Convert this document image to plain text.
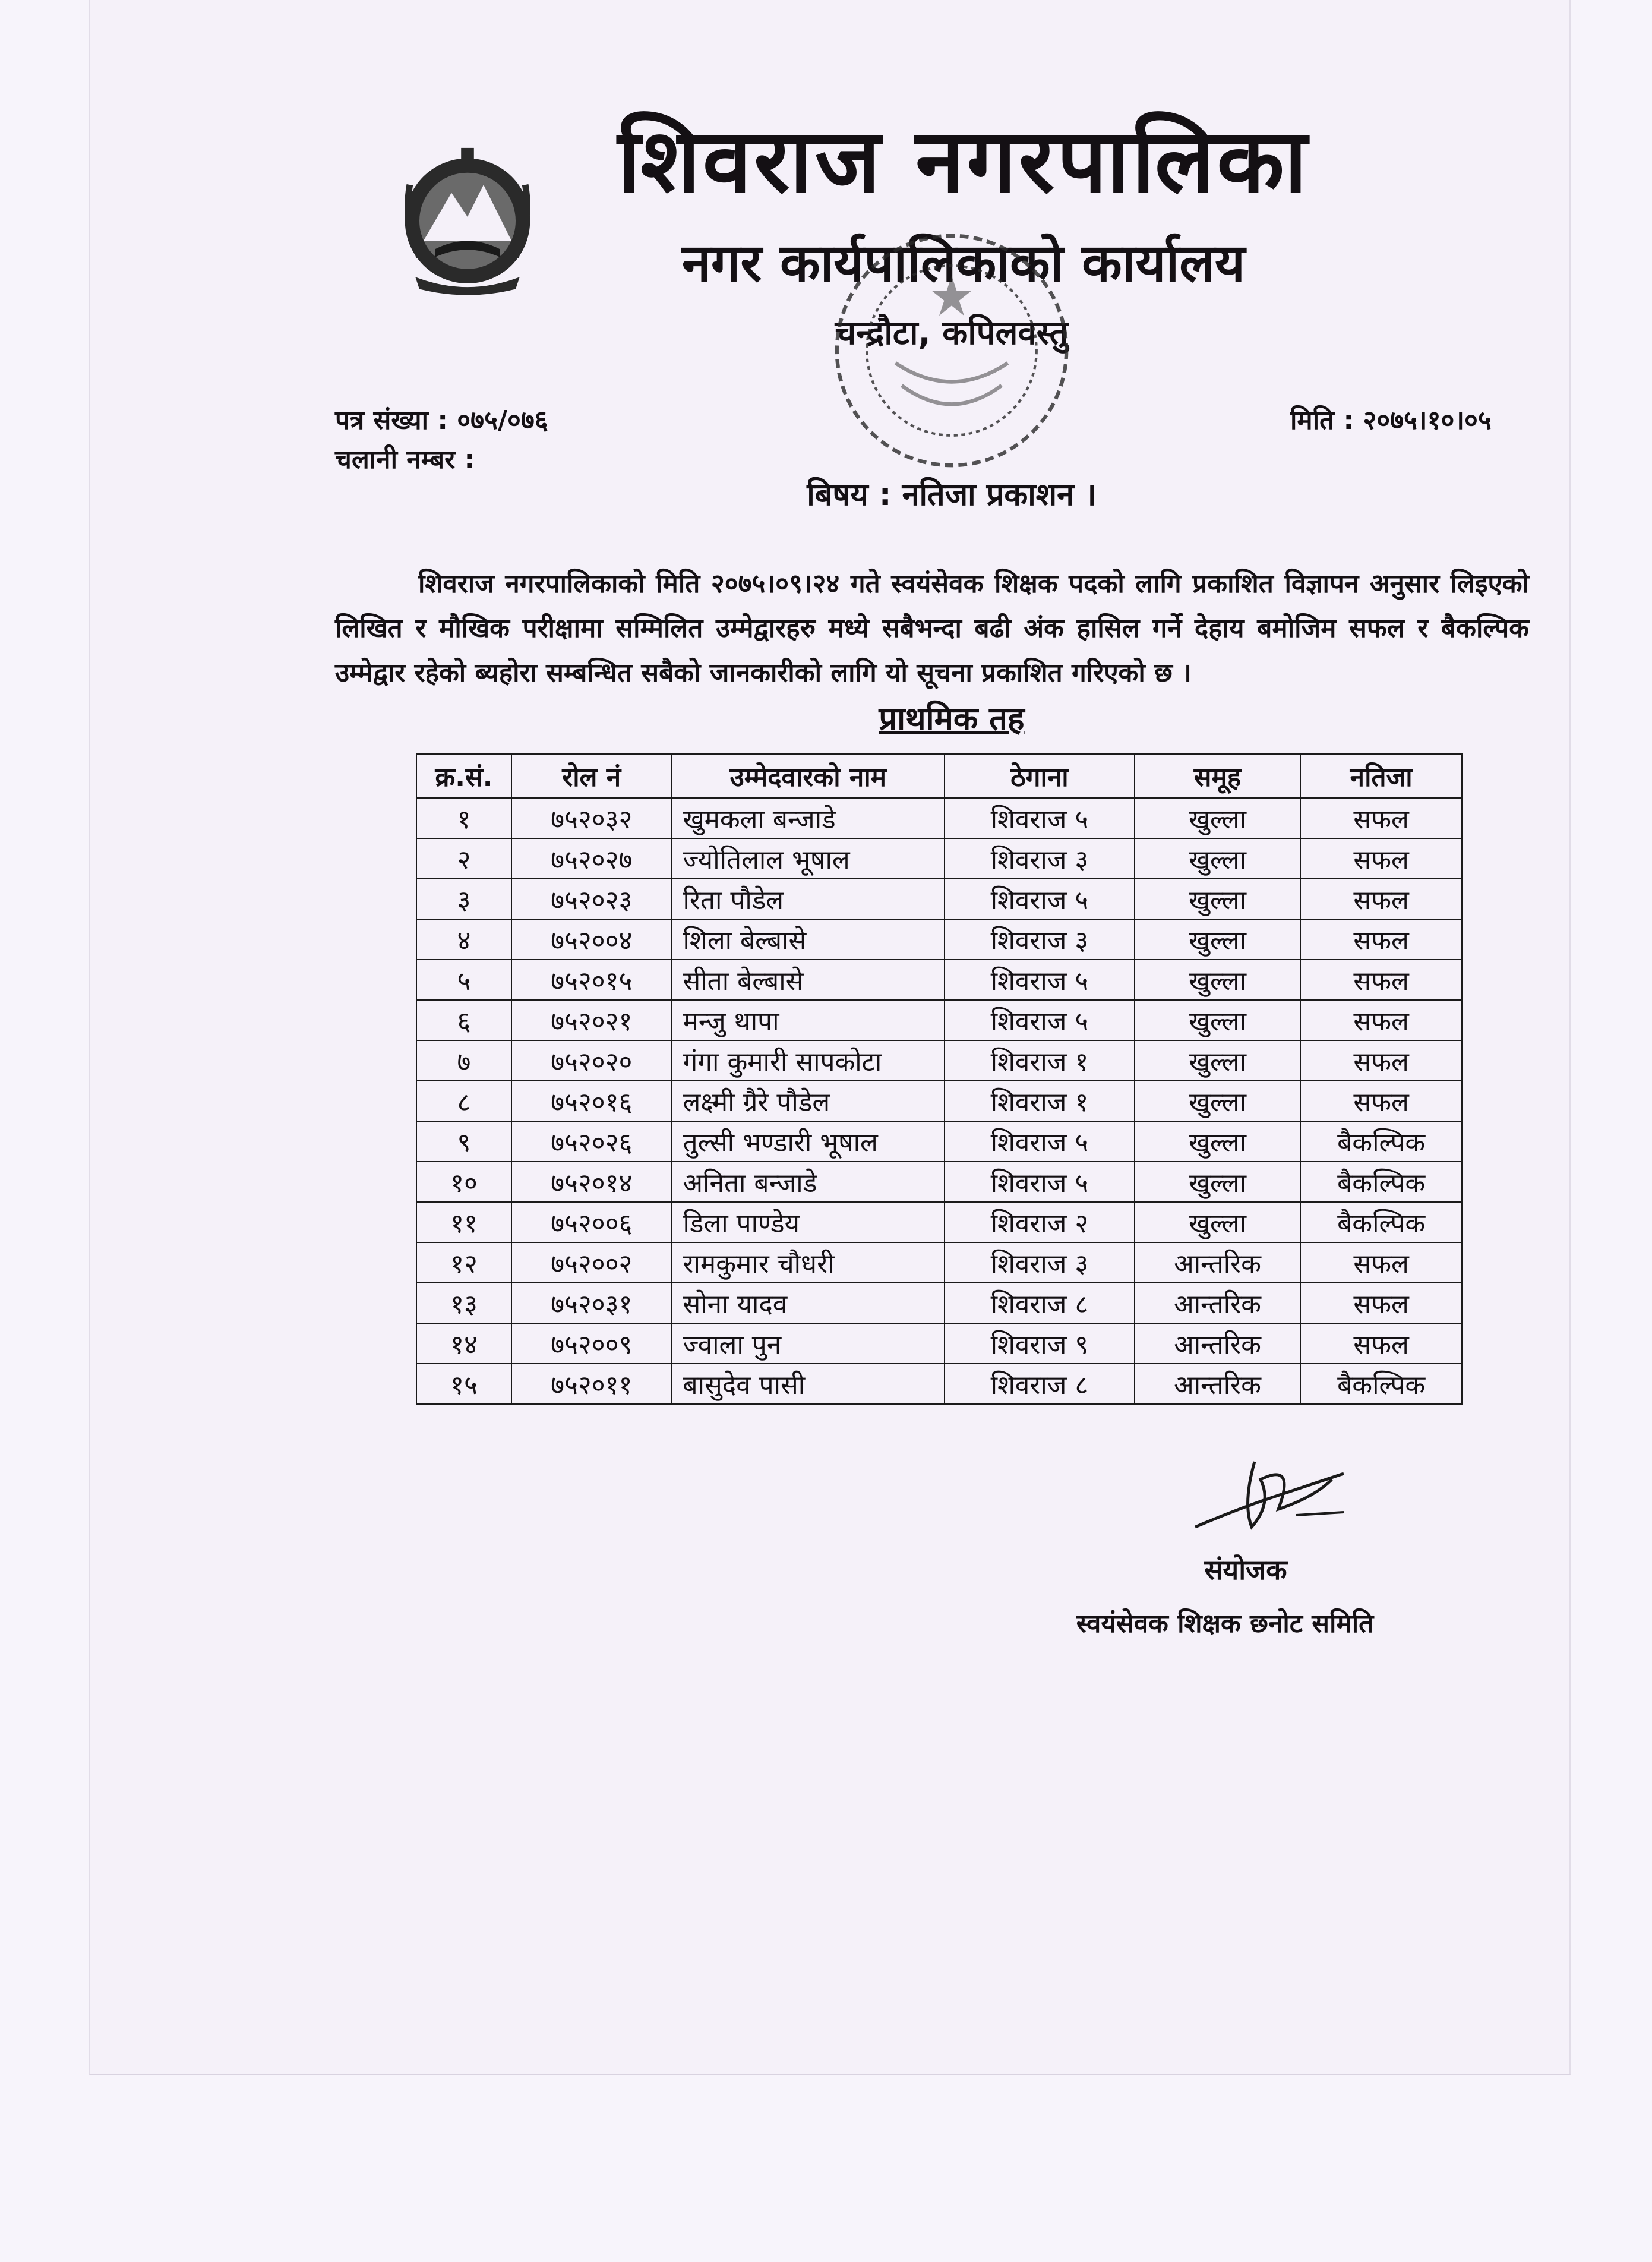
शिवराज नगरपालिका
नगर कार्यपालिकाको कार्यालय
चन्द्रौटा, कपिलवस्तु
पत्र संख्या : ०७५/०७६
चलानी नम्बर :
मिति : २०७५।१०।०५
बिषय : नतिजा प्रकाशन ।
शिवराज नगरपालिकाको मिति २०७५।०९।२४ गते स्वयंसेवक शिक्षक पदको लागि प्रकाशित विज्ञापन अनुसार लिइएको लिखित र मौखिक परीक्षामा सम्मिलित उम्मेद्वारहरु मध्ये सबैभन्दा बढी अंक हासिल गर्ने देहाय बमोजिम सफल र बैकल्पिक उम्मेद्वार रहेको ब्यहोरा सम्बन्धित सबैको जानकारीको लागि यो सूचना प्रकाशित गरिएको छ ।
प्राथमिक तह
क्र.सं.	रोल नं	उम्मेदवारको नाम	ठेगाना	समूह	नतिजा
१	७५२०३२	खुमकला बन्जाडे	शिवराज ५	खुल्ला	सफल
२	७५२०२७	ज्योतिलाल भूषाल	शिवराज ३	खुल्ला	सफल
३	७५२०२३	रिता पौडेल	शिवराज ५	खुल्ला	सफल
४	७५२००४	शिला बेल्बासे	शिवराज ३	खुल्ला	सफल
५	७५२०१५	सीता बेल्बासे	शिवराज ५	खुल्ला	सफल
६	७५२०२१	मन्जु थापा	शिवराज ५	खुल्ला	सफल
७	७५२०२०	गंगा कुमारी सापकोटा	शिवराज १	खुल्ला	सफल
८	७५२०१६	लक्ष्मी ग्रैरे पौडेल	शिवराज १	खुल्ला	सफल
९	७५२०२६	तुल्सी भण्डारी भूषाल	शिवराज ५	खुल्ला	बैकल्पिक
१०	७५२०१४	अनिता बन्जाडे	शिवराज ५	खुल्ला	बैकल्पिक
११	७५२००६	डिला पाण्डेय	शिवराज २	खुल्ला	बैकल्पिक
१२	७५२००२	रामकुमार चौधरी	शिवराज ३	आन्तरिक	सफल
१३	७५२०३१	सोना यादव	शिवराज ८	आन्तरिक	सफल
१४	७५२००९	ज्वाला पुन	शिवराज ९	आन्तरिक	सफल
१५	७५२०११	बासुदेव पासी	शिवराज ८	आन्तरिक	बैकल्पिक
संयोजक
स्वयंसेवक शिक्षक छनोट समिति
